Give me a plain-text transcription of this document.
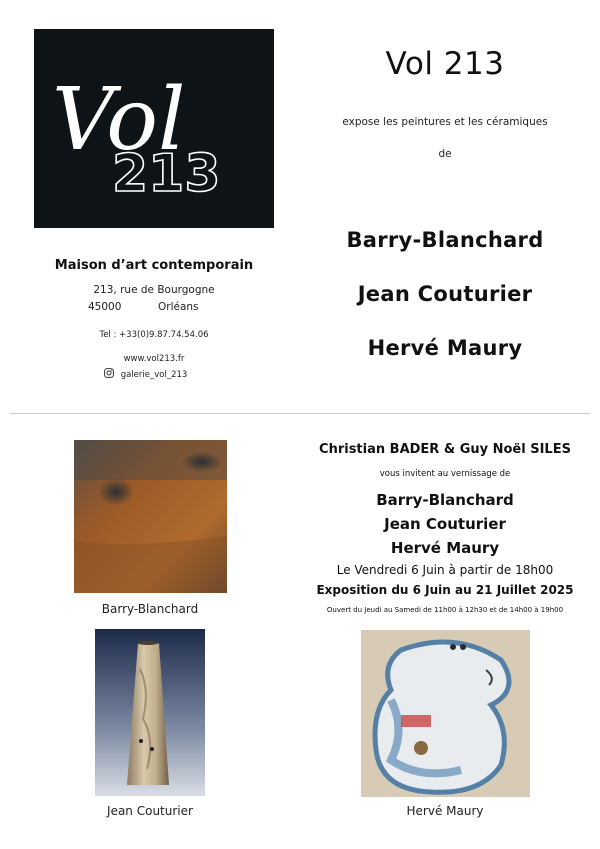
Vol
213
Vol 213
expose les peintures et les céramiques
de
Barry-Blanchard
Jean Couturier
Hervé Maury
Maison d’art contemporain
213, rue de Bourgogne
45000	Orléans
Tel : +33(0)9.87.74.54.06
www.vol213.fr
galerie_vol_213
Barry-Blanchard
Christian BADER & Guy Noël SILES
vous invitent au vernissage de
Barry-Blanchard
Jean Couturier
Hervé Maury
Le Vendredi 6 Juin à partir de 18h00
Exposition du 6 Juin au 21 Juillet 2025
Ouvert du Jeudi au Samedi de 11h00 à 12h30 et de 14h00 à 19h00
Jean Couturier	Hervé Maury
